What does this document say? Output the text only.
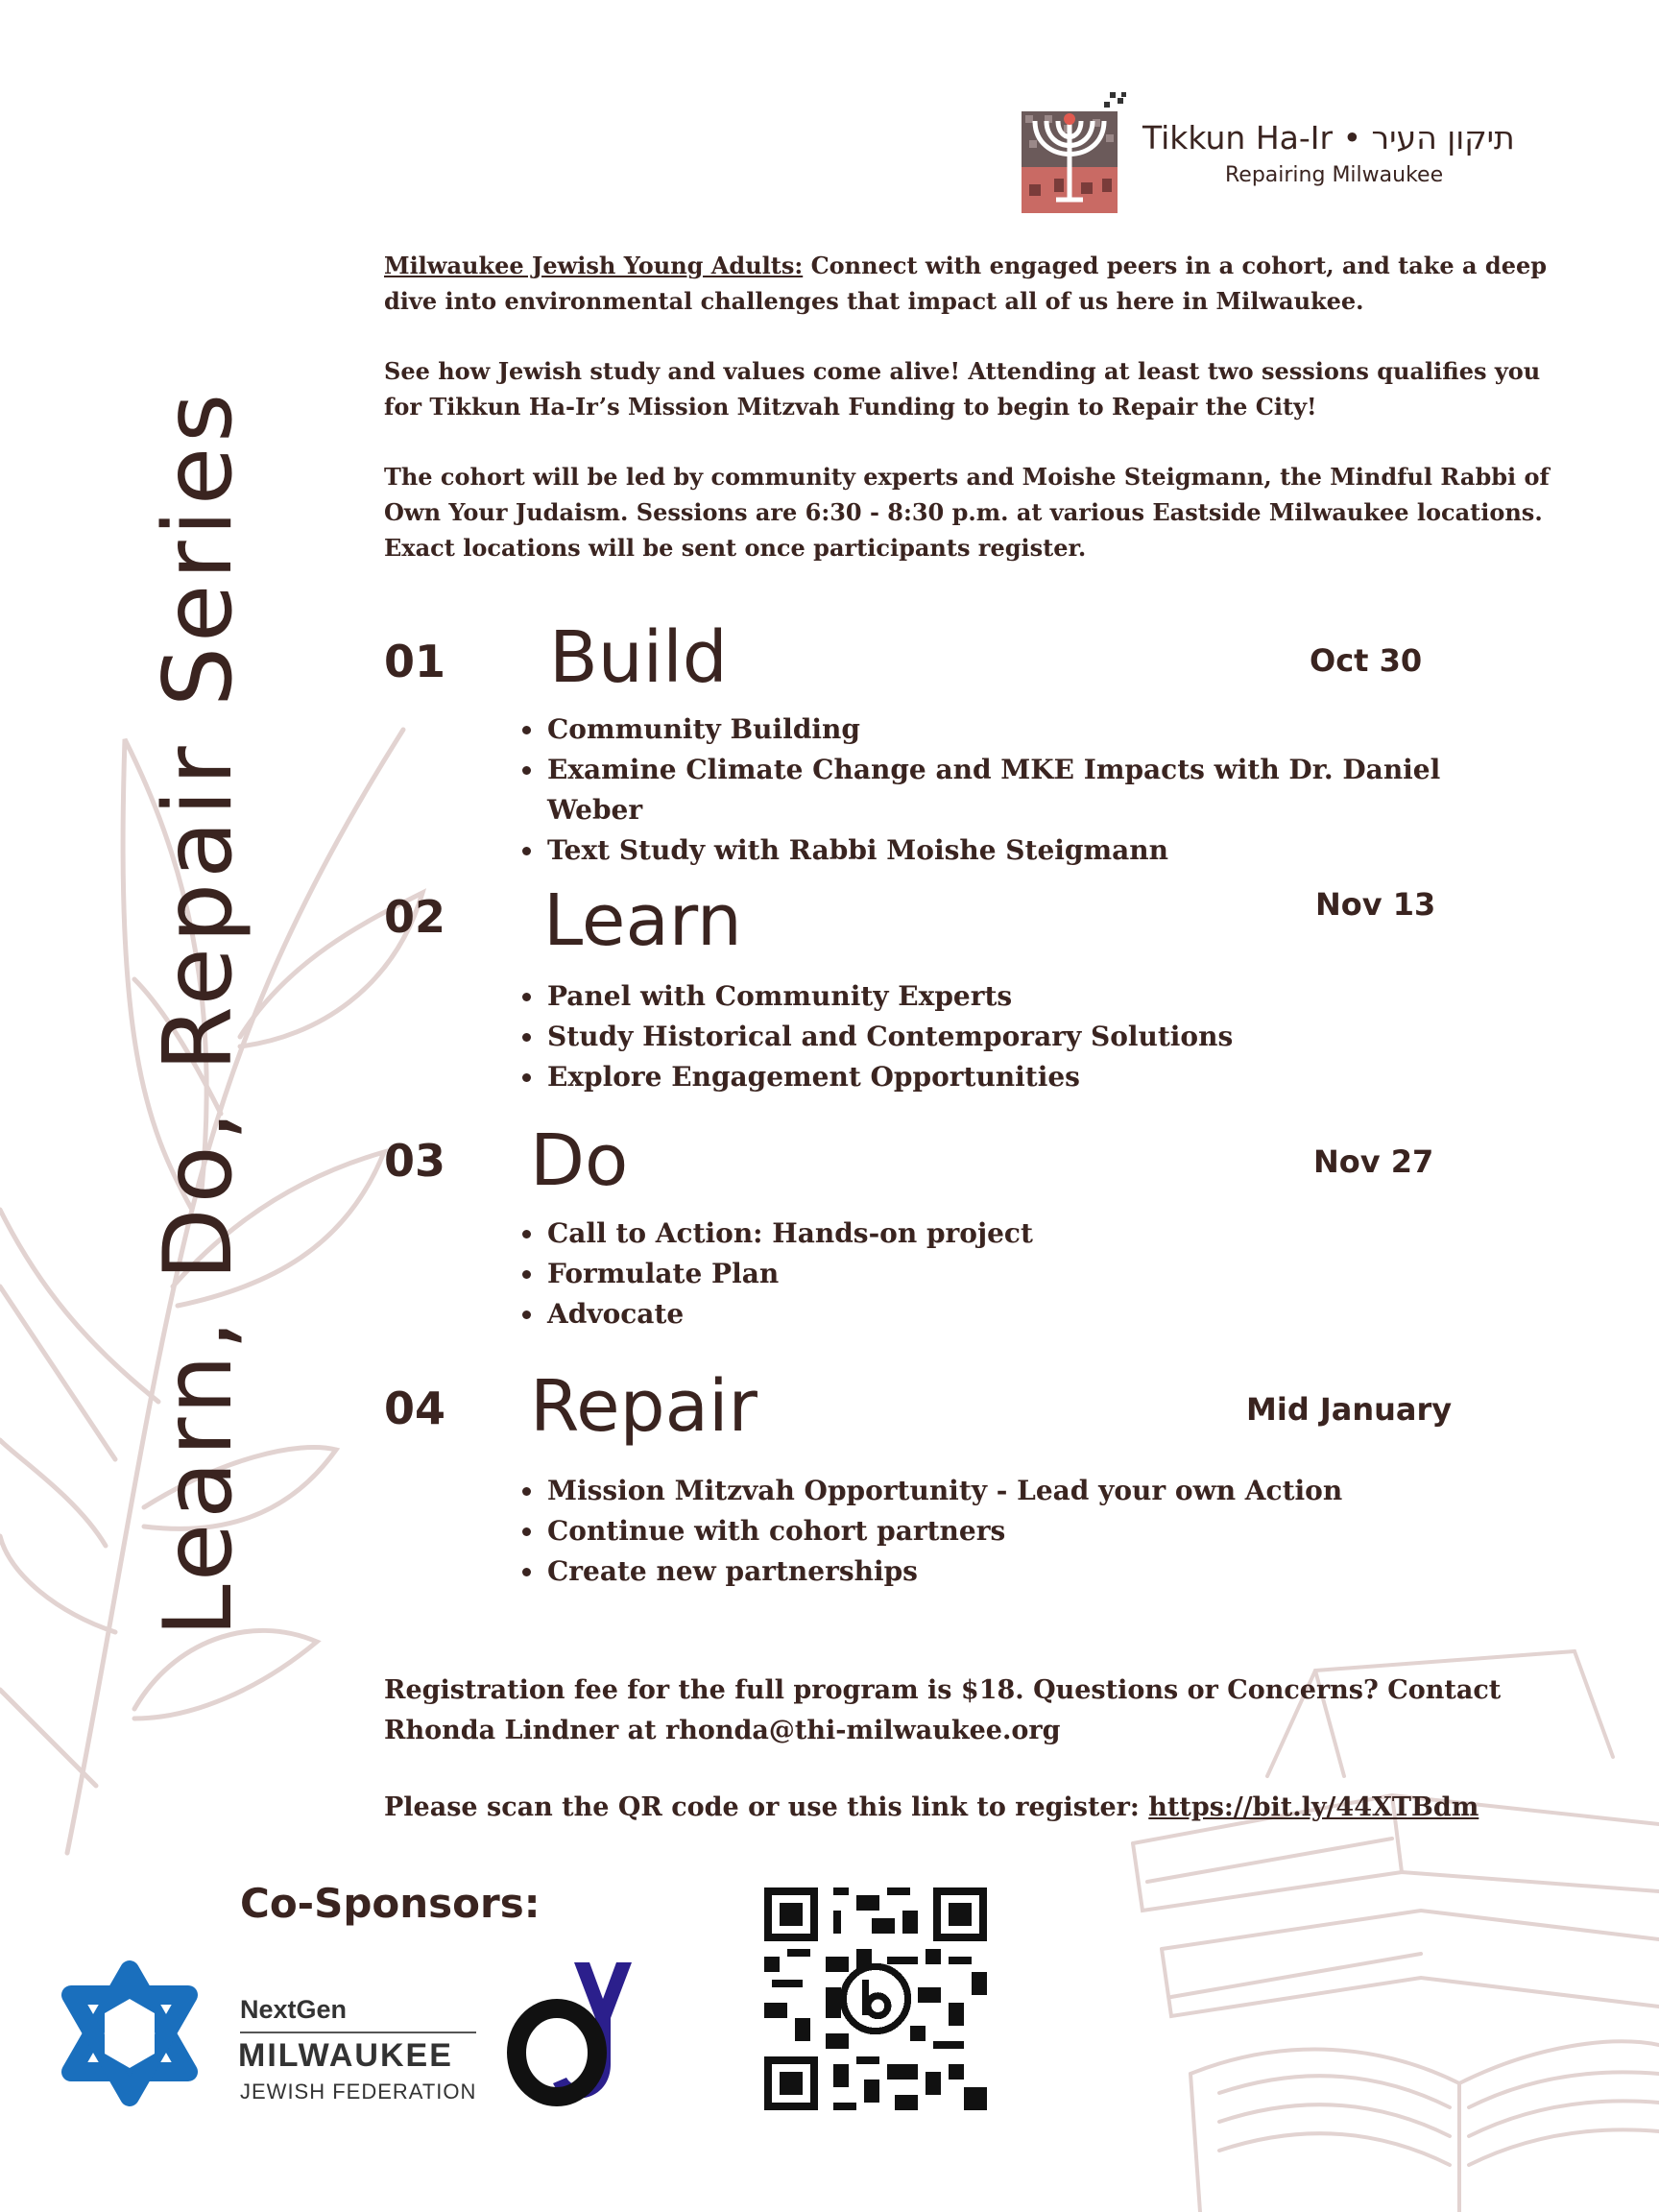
Learn, Do, Repair Series
Tikkun Ha-Ir • תיקון העיר
Repairing Milwaukee

Milwaukee Jewish Young Adults: Connect with engaged peers in a cohort, and take a deep dive into environmental challenges that impact all of us here in Milwaukee.

See how Jewish study and values come alive! Attending at least two sessions qualifies you for Tikkun Ha-Ir’s Mission Mitzvah Funding to begin to Repair the City!

The cohort will be led by community experts and Moishe Steigmann, the Mindful Rabbi of Own Your Judaism. Sessions are 6:30 - 8:30 p.m. at various Eastside Milwaukee locations. Exact locations will be sent once participants register.

01 Build	Oct 30
• Community Building
• Examine Climate Change and MKE Impacts with Dr. Daniel Weber
• Text Study with Rabbi Moishe Steigmann
02 Learn	Nov 13
• Panel with Community Experts
• Study Historical and Contemporary Solutions
• Explore Engagement Opportunities
03 Do	Nov 27
• Call to Action: Hands-on project
• Formulate Plan
• Advocate
04 Repair	Mid January
• Mission Mitzvah Opportunity - Lead your own Action
• Continue with cohort partners
• Create new partnerships

Registration fee for the full program is $18. Questions or Concerns? Contact Rhonda Lindner at rhonda@thi-milwaukee.org

Please scan the QR code or use this link to register: https://bit.ly/44XTBdm

Co-Sponsors:
NextGen
MILWAUKEE
JEWISH FEDERATION
